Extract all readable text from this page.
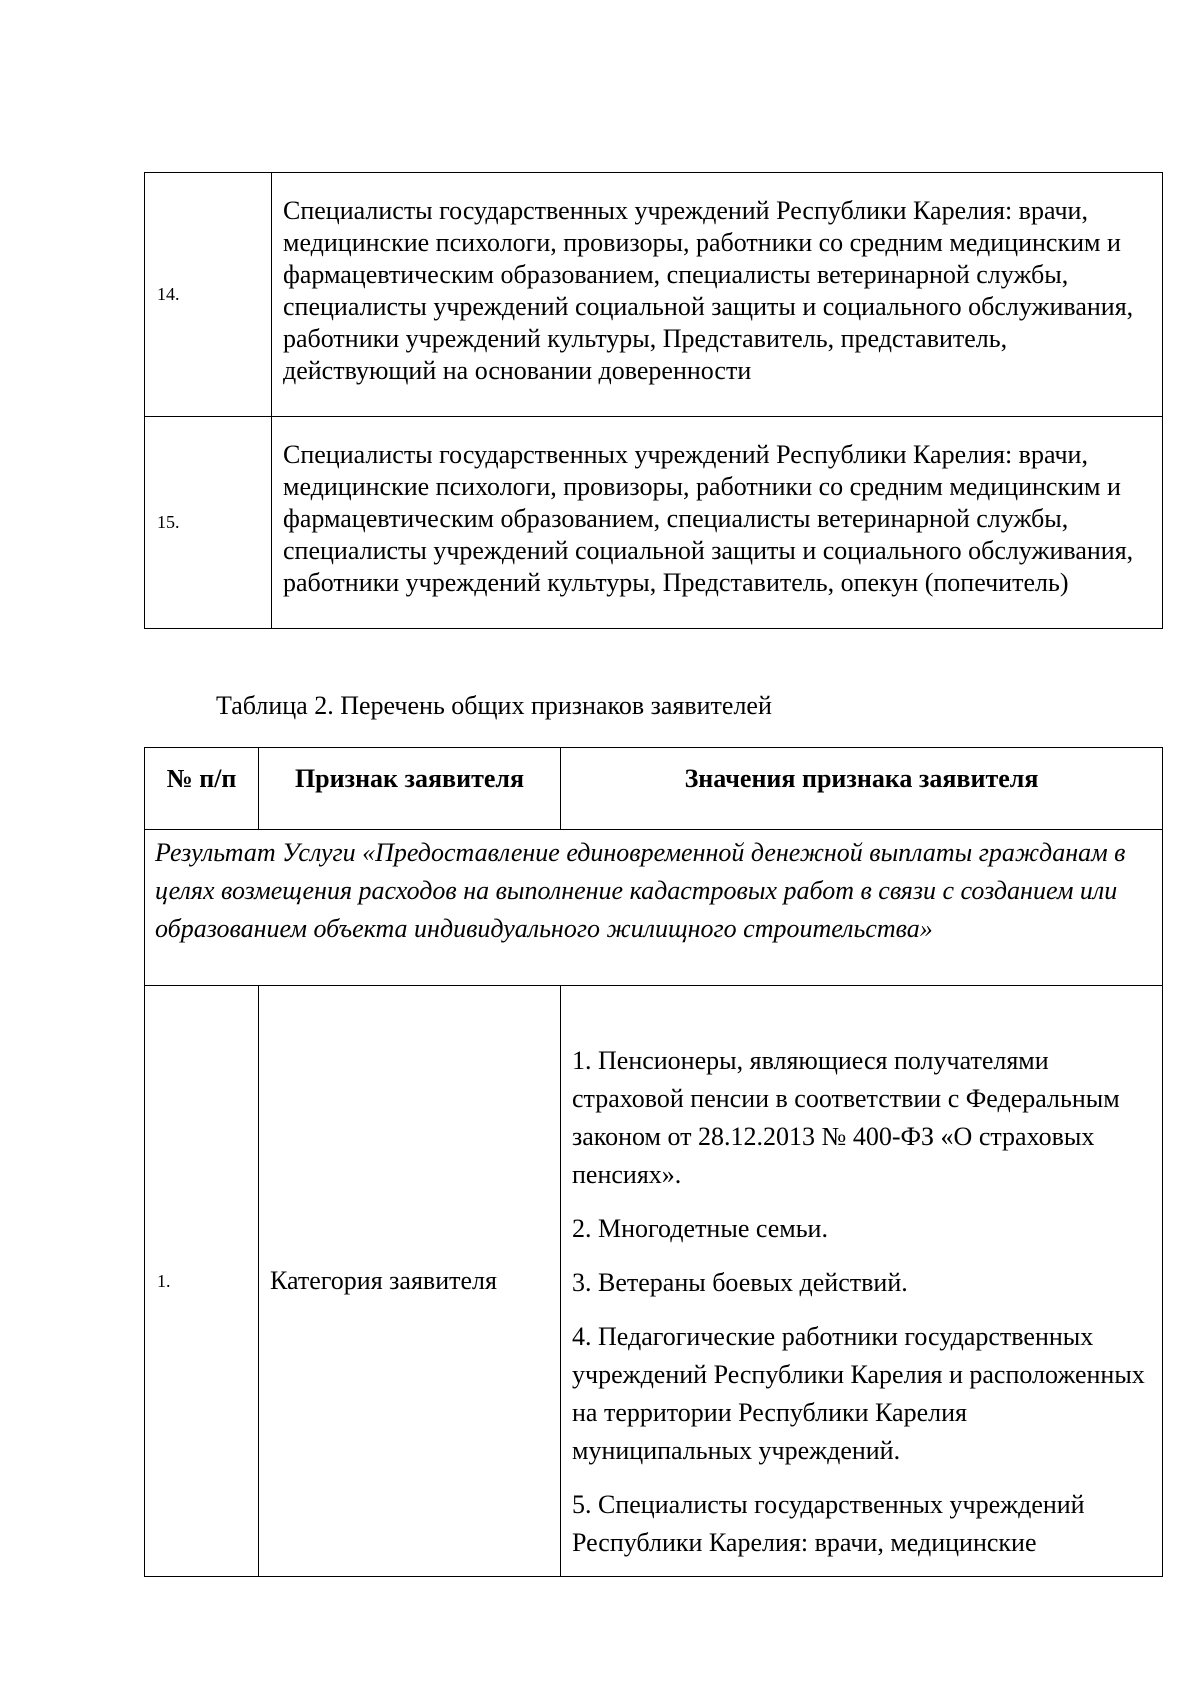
14.	Специалисты государственных учреждений Республики Карелия: врачи, медицинские психологи, провизоры, работники со средним медицинским и фармацевтическим образованием, специалисты ветеринарной службы, специалисты учреждений социальной защиты и социального обслуживания, работники учреждений культуры, Представитель, представитель, действующий на основании доверенности
15.	Специалисты государственных учреждений Республики Карелия: врачи, медицинские психологи, провизоры, работники со средним медицинским и фармацевтическим образованием, специалисты ветеринарной службы, специалисты учреждений социальной защиты и социального обслуживания, работники учреждений культуры, Представитель, опекун (попечитель)
Таблица 2. Перечень общих признаков заявителей
№ п/п	Признак заявителя	Значения признака заявителя
Результат Услуги «Предоставление единовременной денежной выплаты гражданам в целях возмещения расходов на выполнение кадастровых работ в связи с созданием или образованием объекта индивидуального жилищного строительства»		
1.	Категория заявителя	1. Пенсионеры, являющиеся получателями страховой пенсии в соответствии с Федеральным законом от 28.12.2013 № 400-ФЗ «О страховых пенсиях».

2. Многодетные семьи.

3. Ветераны боевых действий.

4. Педагогические работники государственных учреждений Республики Карелия и расположенных на территории Республики Карелия муниципальных учреждений.

5. Специалисты государственных учреждений Республики Карелия: врачи, медицинские
